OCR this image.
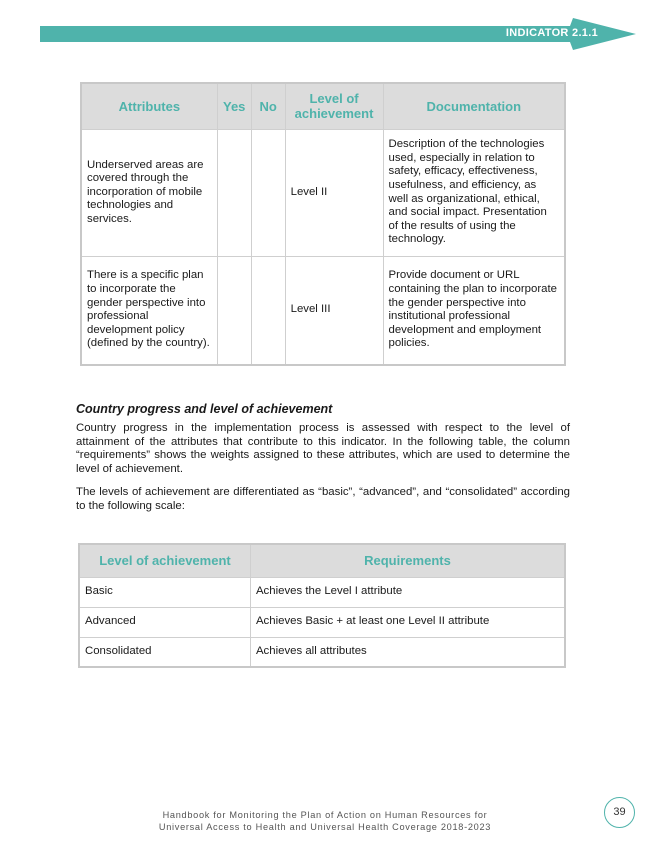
INDICATOR 2.1.1
Attributes	Yes	No	Level of achievement	Documentation
Underserved areas are covered through the incorporation of mobile technologies and services.			Level II	Description of the technologies used, especially in relation to safety, efficacy, effectiveness, usefulness, and efficiency, as well as organizational, ethical, and social impact. Presentation of the results of using the technology.
There is a specific plan to incorporate the gender perspective into professional development policy (defined by the country).			Level III	Provide document or URL containing the plan to incorporate the gender perspective into institutional professional development and employment policies.
Country progress and level of achievement

Country progress in the implementation process is assessed with respect to the level of attainment of the attributes that contribute to this indicator. In the following table, the column “requirements” shows the weights assigned to these attributes, which are used to determine the level of achievement.

The levels of achievement are differentiated as “basic”, “advanced”, and “consolidated” according to the following scale:

Level of achievement	Requirements
Basic	Achieves the Level I attribute
Advanced	Achieves Basic + at least one Level II attribute
Consolidated	Achieves all attributes
Handbook for Monitoring the Plan of Action on Human Resources for
Universal Access to Health and Universal Health Coverage 2018-2023
39
